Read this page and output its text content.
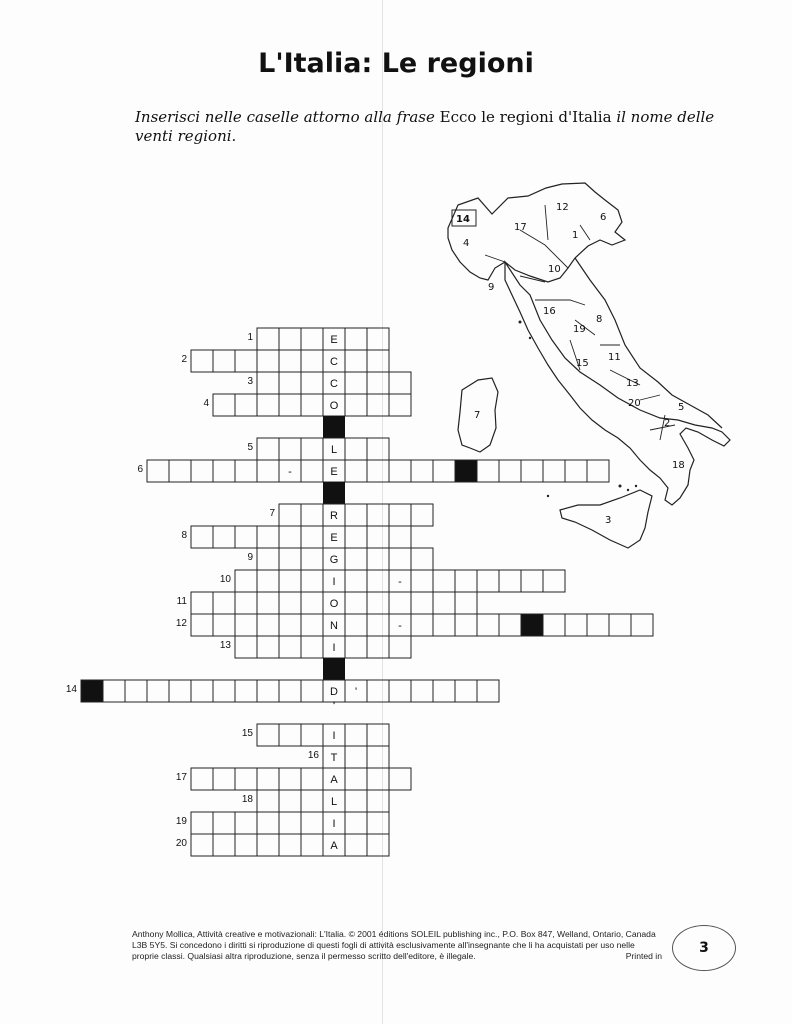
L'Italia: Le regioni
Inserisci nelle caselle attorno alla frase Ecco le regioni d'Italia il nome delle venti regioni.
14
4
17
12
6
1
10
9
16
8
19
15
11
13
7
20	5
2
18
3
1	E
2	C
3	C
4	O
5	L
6	-	E
7	R
8	E
9	G
10	I	-
11	O
12	N	-
13	I
14	D '
'
15	I
16 T
17	A
18	L
19	I
20	A
Anthony Mollica, Attività creative e motivazionali: L'Italia. © 2001 éditions SOLEIL publishing inc., P.O. Box 847, Welland, Ontario, Canada L3B 5Y5. Si concedono i diritti si riproduzione di questi fogli di attività esclusivamente all'insegnante che li ha acquistati per uso nelle proprie classi. Qualsiasi altra riproduzione, senza il permesso scritto dell'editore, è illegale.	Printed in	3
